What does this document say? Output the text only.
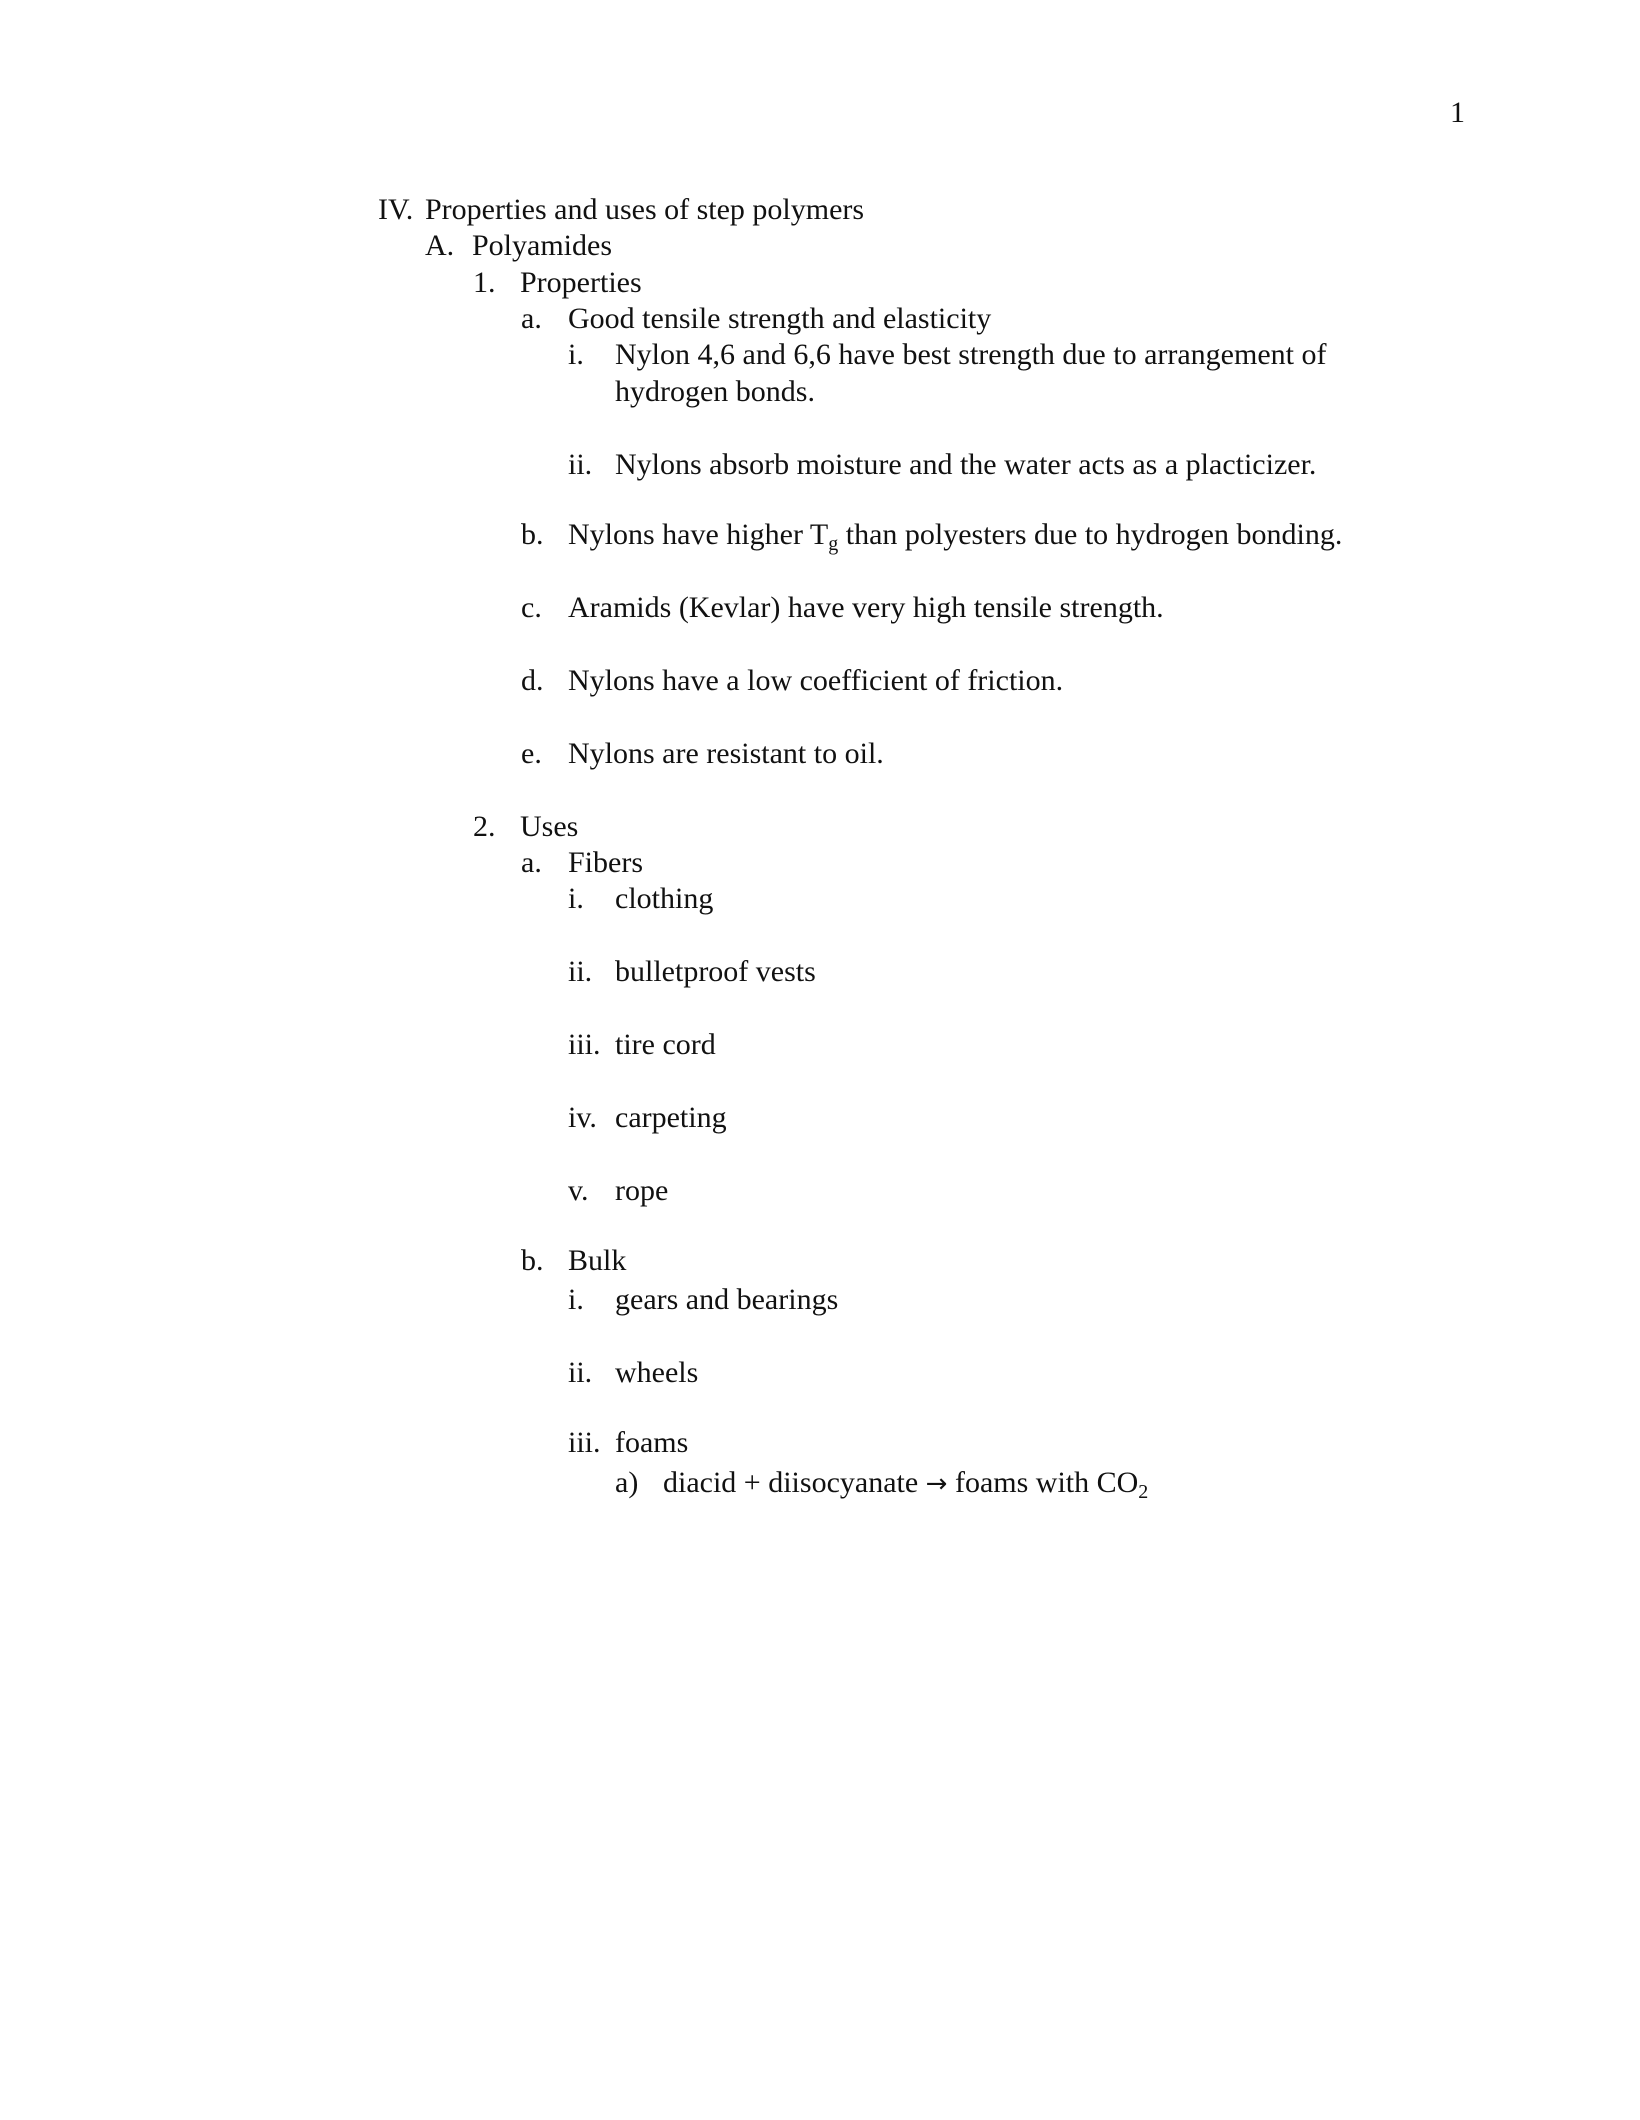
1
IV. Properties and uses of step polymers
A. Polyamides
1. Properties
a. Good tensile strength and elasticity
i. Nylon 4,6 and 6,6 have best strength due to arrangement of
hydrogen bonds.
ii. Nylons absorb moisture and the water acts as a placticizer.
b. Nylons have higher $T_g$ than polyesters due to hydrogen bonding.
c. Aramids (Kevlar) have very high tensile strength.
d. Nylons have a low coefficient of friction.
e. Nylons are resistant to oil.
2. Uses
a. Fibers
i. clothing
ii. bulletproof vests
iii. tire cord
iv. carpeting
v. rope
b. Bulk
i. gears and bearings
ii. wheels
iii. foams
a) diacid + diisocyanate → foams with $CO_2$
